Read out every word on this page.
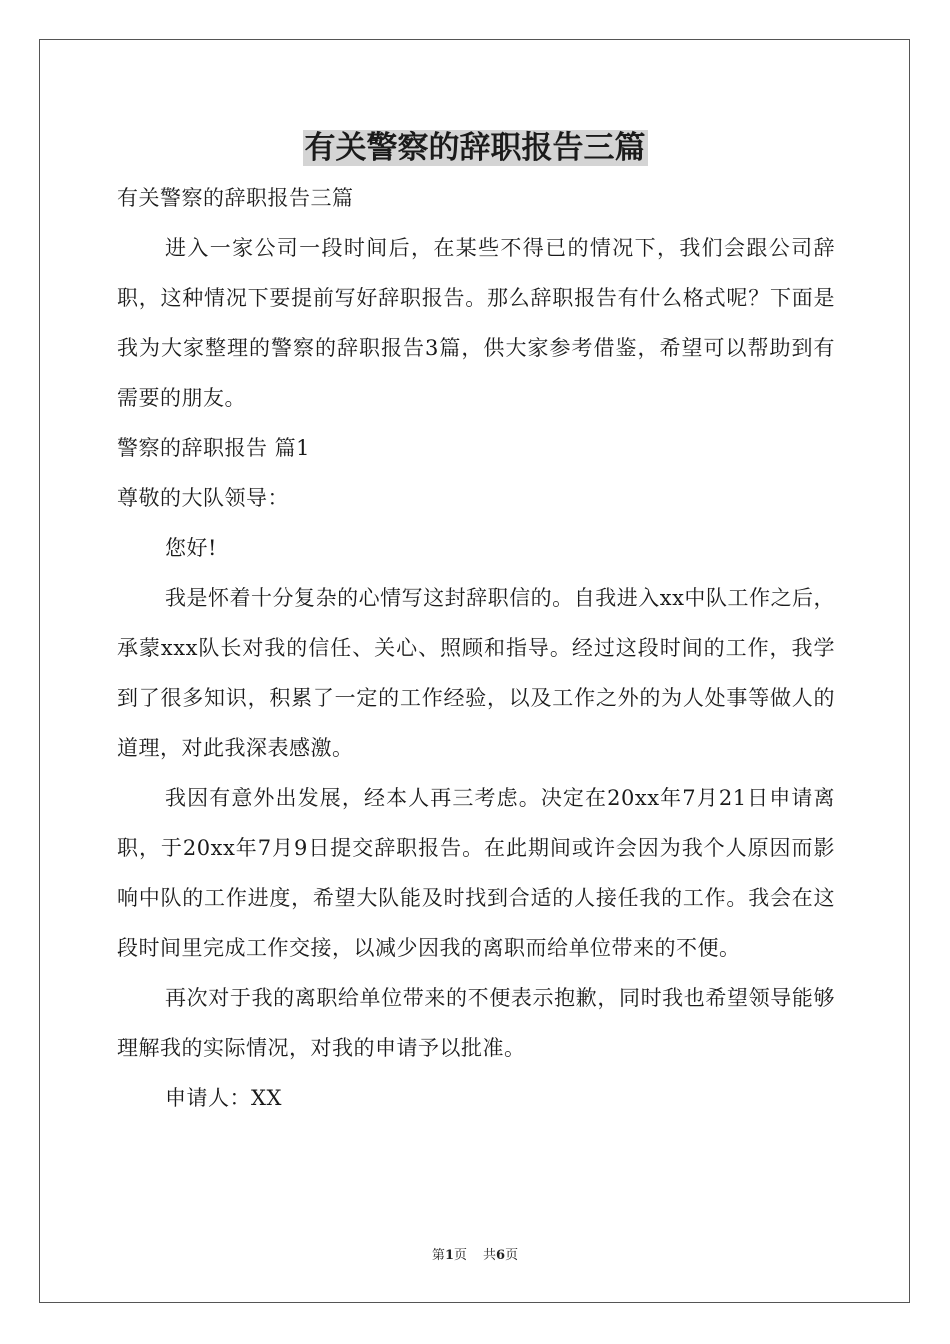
有关警察的辞职报告三篇

有关警察的辞职报告三篇

进入一家公司一段时间后，在某些不得已的情况下，我们会跟公司辞职，这种情况下要提前写好辞职报告。那么辞职报告有什么格式呢？下面是我为大家整理的警察的辞职报告3篇，供大家参考借鉴，希望可以帮助到有需要的朋友。

警察的辞职报告 篇1

尊敬的大队领导：

您好!

我是怀着十分复杂的心情写这封辞职信的。自我进入xx中队工作之后，承蒙xxx队长对我的信任、关心、照顾和指导。经过这段时间的工作，我学到了很多知识，积累了一定的工作经验，以及工作之外的为人处事等做人的道理，对此我深表感激。

我因有意外出发展，经本人再三考虑。决定在20xx年7月21日申请离职，于20xx年7月9日提交辞职报告。在此期间或许会因为我个人原因而影响中队的工作进度，希望大队能及时找到合适的人接任我的工作。我会在这段时间里完成工作交接，以减少因我的离职而给单位带来的不便。

再次对于我的离职给单位带来的不便表示抱歉，同时我也希望领导能够理解我的实际情况，对我的申请予以批准。

申请人：XX

第1页 共6页
